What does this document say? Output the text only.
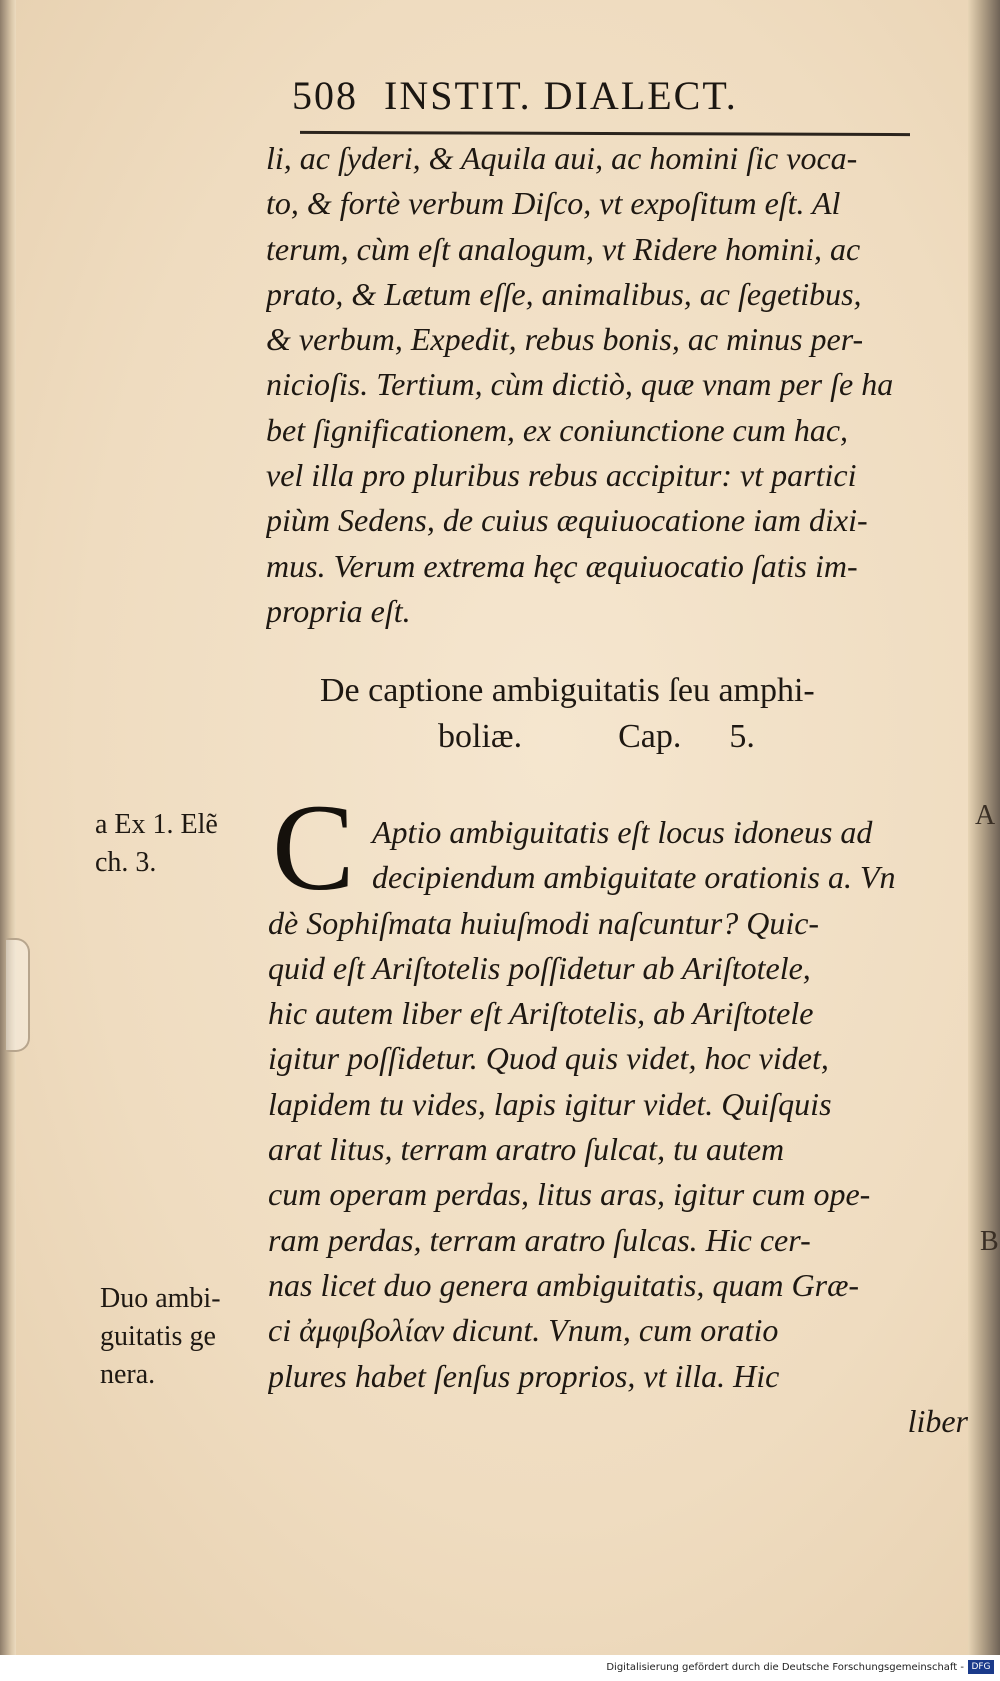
508 INSTIT. DIALECT.
li, ac ſyderi, & Aquila aui, ac homini ſic voca-
to, & fortè verbum Diſco, vt expoſitum eſt. Al
terum, cùm eſt analogum, vt Ridere homini, ac
prato, & Lætum eſſe, animalibus, ac ſegetibus,
& verbum, Expedit, rebus bonis, ac minus per-
nicioſis. Tertium, cùm dictiò, quæ vnam per ſe ha
bet ſignificationem, ex coniunctione cum hac,
vel illa pro pluribus rebus accipitur: vt partici
piùm Sedens, de cuius æquiuocatione iam dixi-
mus. Verum extrema hęc æquiuocatio ſatis im-
propria eſt.
De captione ambiguitatis ſeu amphi-
boliæ.	Cap. 5.
C Aptio ambiguitatis eſt locus idoneus ad
decipiendum ambiguitate orationis a. Vn
dè Sophiſmata huiuſmodi naſcuntur? Quic-
quid eſt Ariſtotelis poſſidetur ab Ariſtotele,
hic autem liber eſt Ariſtotelis, ab Ariſtotele
igitur poſſidetur. Quod quis videt, hoc videt,
lapidem tu vides, lapis igitur videt. Quiſquis
arat litus, terram aratro ſulcat, tu autem
cum operam perdas, litus aras, igitur cum ope-
ram perdas, terram aratro ſulcas. Hic cer-
nas licet duo genera ambiguitatis, quam Græ-
ci ἀμφιβολίαν dicunt. Vnum, cum oratio
plures habet ſenſus proprios, vt illa. Hic
liber
a Ex 1. Elẽ
ch. 3.
Duo ambi-
guitatis ge
nera.
A
B
Digitalisierung gefördert durch die Deutsche Forschungsgemeinschaft - DFG
